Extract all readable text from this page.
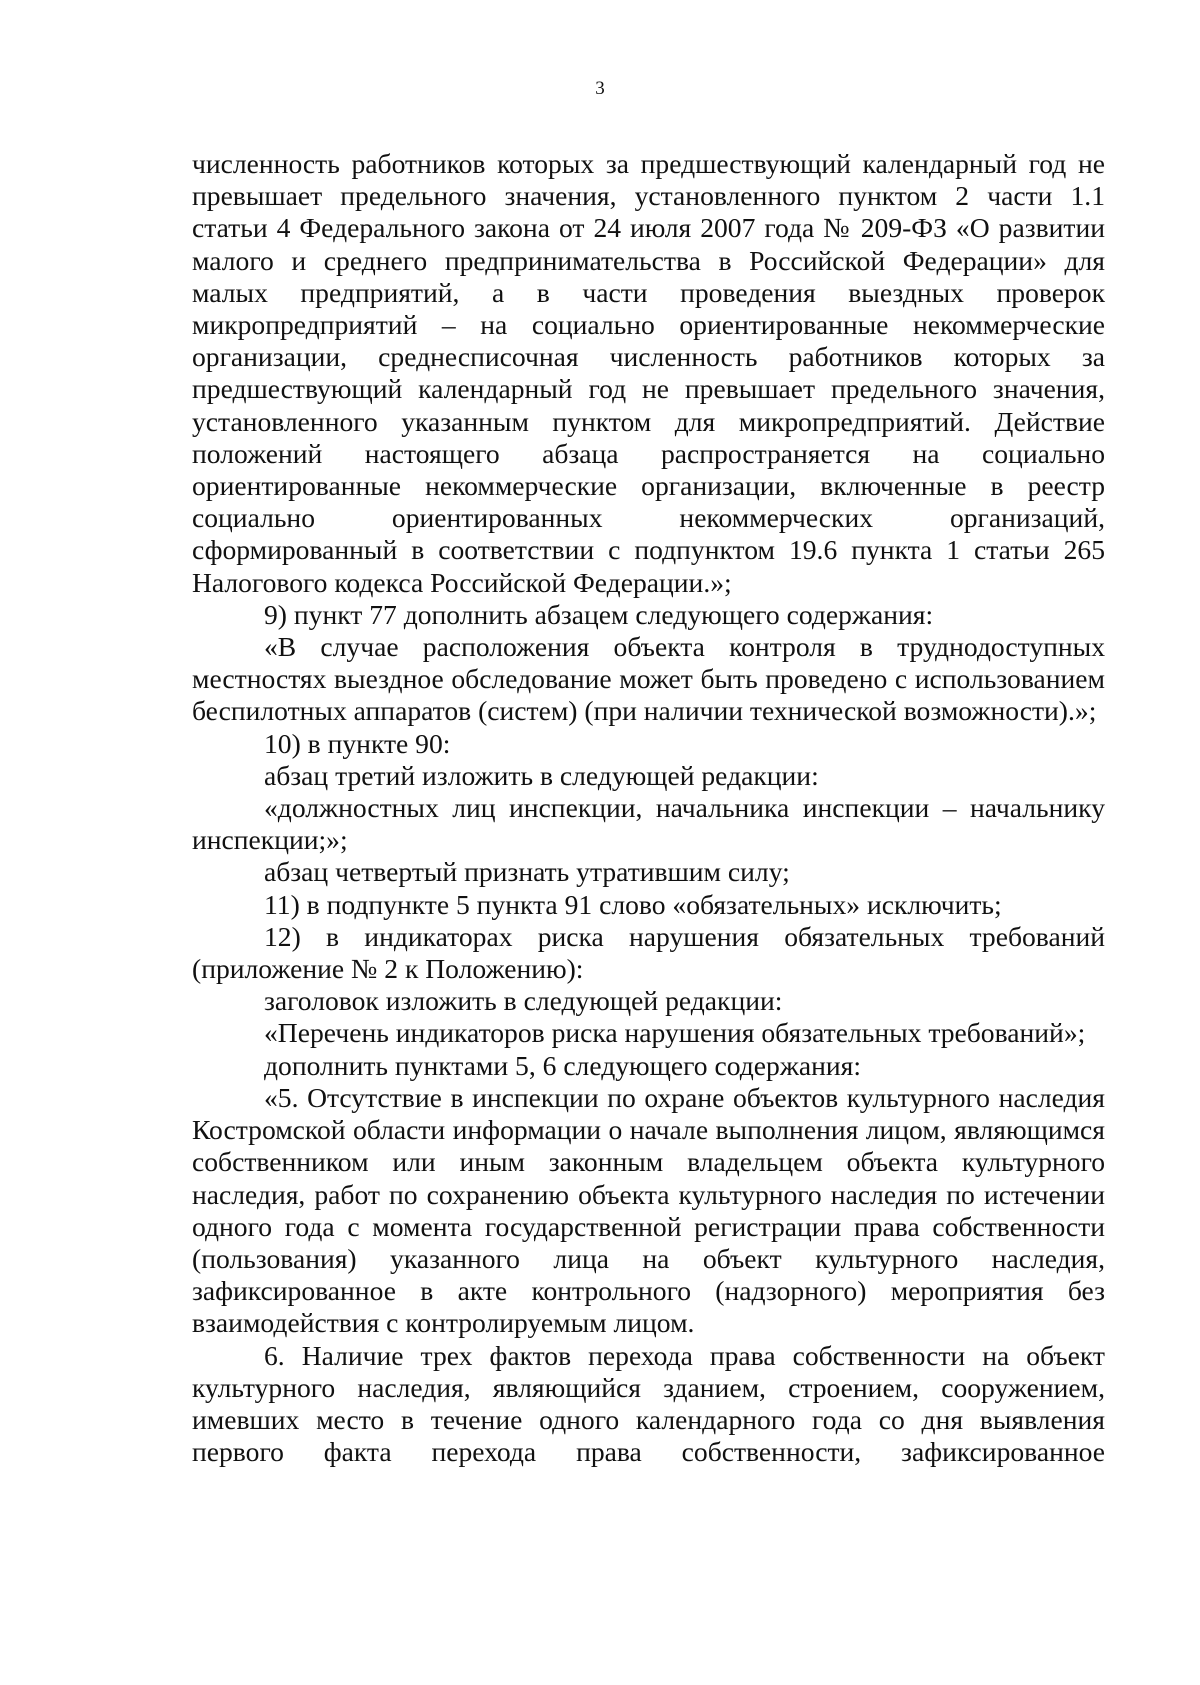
3

численность работников которых за предшествующий календарный год не превышает предельного значения, установленного пунктом 2 части 1.1 статьи 4 Федерального закона от 24 июля 2007 года № 209-ФЗ «О развитии малого и среднего предпринимательства в Российской Федерации» для малых предприятий, а в части проведения выездных проверок микропредприятий – на социально ориентированные некоммерческие организации, среднесписочная численность работников которых за предшествующий календарный год не превышает предельного значения, установленного указанным пунктом для микропредприятий. Действие положений настоящего абзаца распространяется на социально ориентированные некоммерческие организации, включенные в реестр социально ориентированных некоммерческих организаций, сформированный в соответствии с подпунктом 19.6 пункта 1 статьи 265 Налогового кодекса Российской Федерации.»;

9) пункт 77 дополнить абзацем следующего содержания:

«В случае расположения объекта контроля в труднодоступных местностях выездное обследование может быть проведено с использованием беспилотных аппаратов (систем) (при наличии технической возможности).»;

10) в пункте 90:

абзац третий изложить в следующей редакции:

«должностных лиц инспекции, начальника инспекции – начальнику инспекции;»;

абзац четвертый признать утратившим силу;

11) в подпункте 5 пункта 91 слово «обязательных» исключить;

12) в индикаторах риска нарушения обязательных требований (приложение № 2 к Положению):

заголовок изложить в следующей редакции:

«Перечень индикаторов риска нарушения обязательных требований»;

дополнить пунктами 5, 6 следующего содержания:

«5. Отсутствие в инспекции по охране объектов культурного наследия Костромской области информации о начале выполнения лицом, являющимся собственником или иным законным владельцем объекта культурного наследия, работ по сохранению объекта культурного наследия по истечении одного года с момента государственной регистрации права собственности (пользования) указанного лица на объект культурного наследия, зафиксированное в акте контрольного (надзорного) мероприятия без взаимодействия с контролируемым лицом.

6. Наличие трех фактов перехода права собственности на объект культурного наследия, являющийся зданием, строением, сооружением, имевших место в течение одного календарного года со дня выявления первого факта перехода права собственности, зафиксированное
